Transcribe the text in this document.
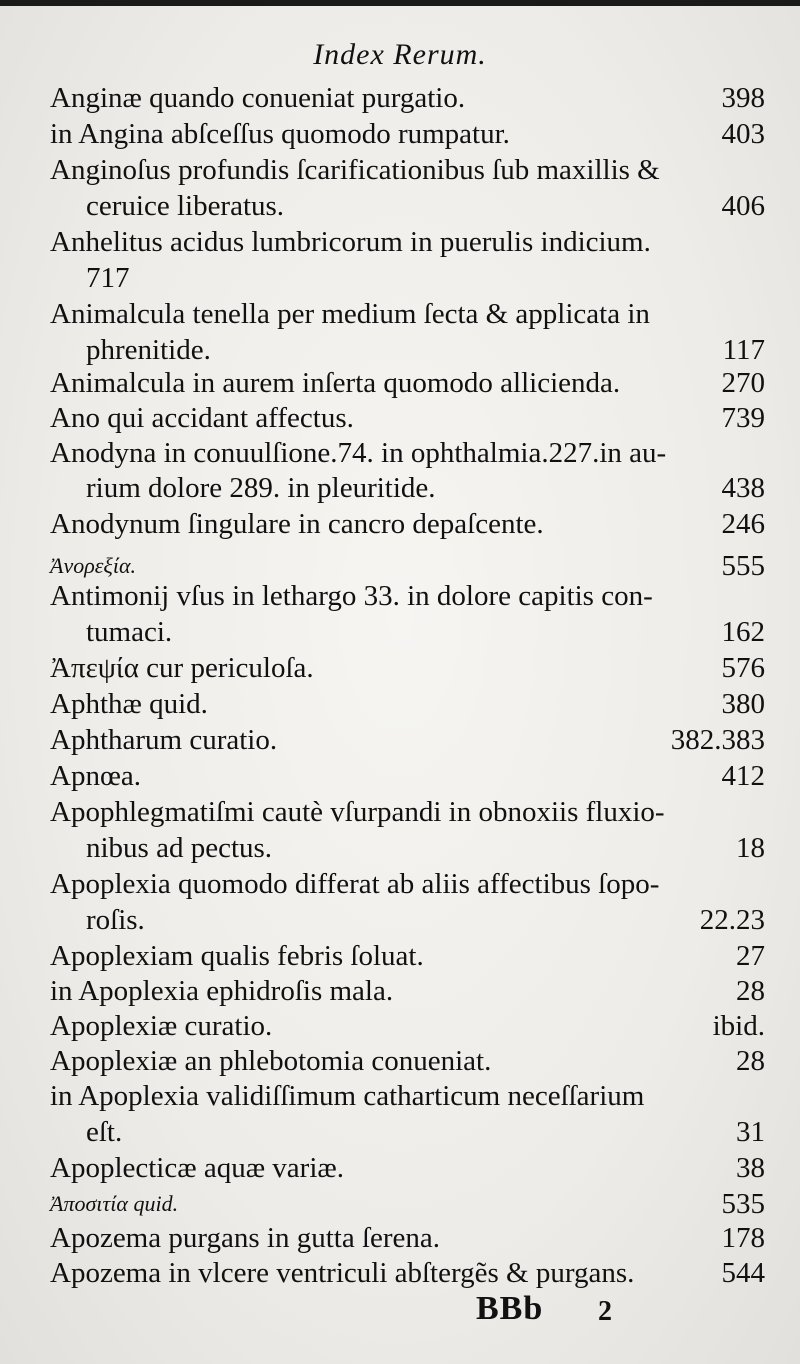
Index Rerum.
Anginæ quando conueniat purgatio.	398
in Angina abſceſſus quomodo rumpatur.	403
Anginoſus profundis ſcarificationibus ſub maxillis &
ceruice liberatus.	406
Anhelitus acidus lumbricorum in puerulis indicium.
717
Animalcula tenella per medium ſecta & applicata in
phrenitide.	117
Animalcula in aurem inſerta quomodo allicienda.	270
Ano qui accidant affectus.	739
Anodyna in conuulſione.74. in ophthalmia.227.in au-
rium dolore 289. in pleuritide.	438
Anodynum ſingulare in cancro depaſcente.	246
Ἀνορεξία.	555
Antimonij vſus in lethargo 33. in dolore capitis con-
tumaci.	162
Ἀπεψία cur periculoſa.	576
Aphthæ quid.	380
Aphtharum curatio.	382.383
Apnœa.	412
Apophlegmatiſmi cautè vſurpandi in obnoxiis fluxio-
nibus ad pectus.	18
Apoplexia quomodo differat ab aliis affectibus ſopo-
roſis.	22.23
Apoplexiam qualis febris ſoluat.	27
in Apoplexia ephidroſis mala.	28
Apoplexiæ curatio.	ibid.
Apoplexiæ an phlebotomia conueniat.	28
in Apoplexia validiſſimum catharticum neceſſarium
eſt.	31
Apoplecticæ aquæ variæ.	38
Ἀποσιτία quid.	535
Apozema purgans in gutta ſerena.	178
Apozema in vlcere ventriculi abſtergẽs & purgans.	544
BBb 2
